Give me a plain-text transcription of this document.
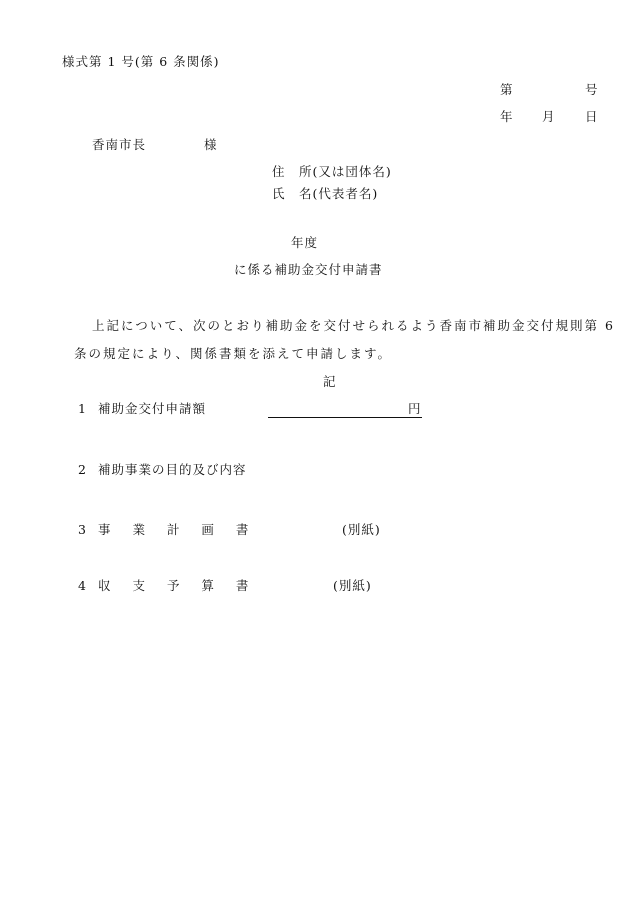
様式第 1 号(第 6 条関係)
第	号
年 月 日
香南市長	様
住　所(又は団体名)
氏　名(代表者名)
年度
に係る補助金交付申請書
上記について、次のとおり補助金を交付せられるよう香南市補助金交付規則第 6
条の規定により、関係書類を添えて申請します。
記
1 補助金交付申請額	円
2 補助事業の目的及び内容
3 事 業 計 画 書	(別紙)
4 収 支 予 算 書	(別紙)
